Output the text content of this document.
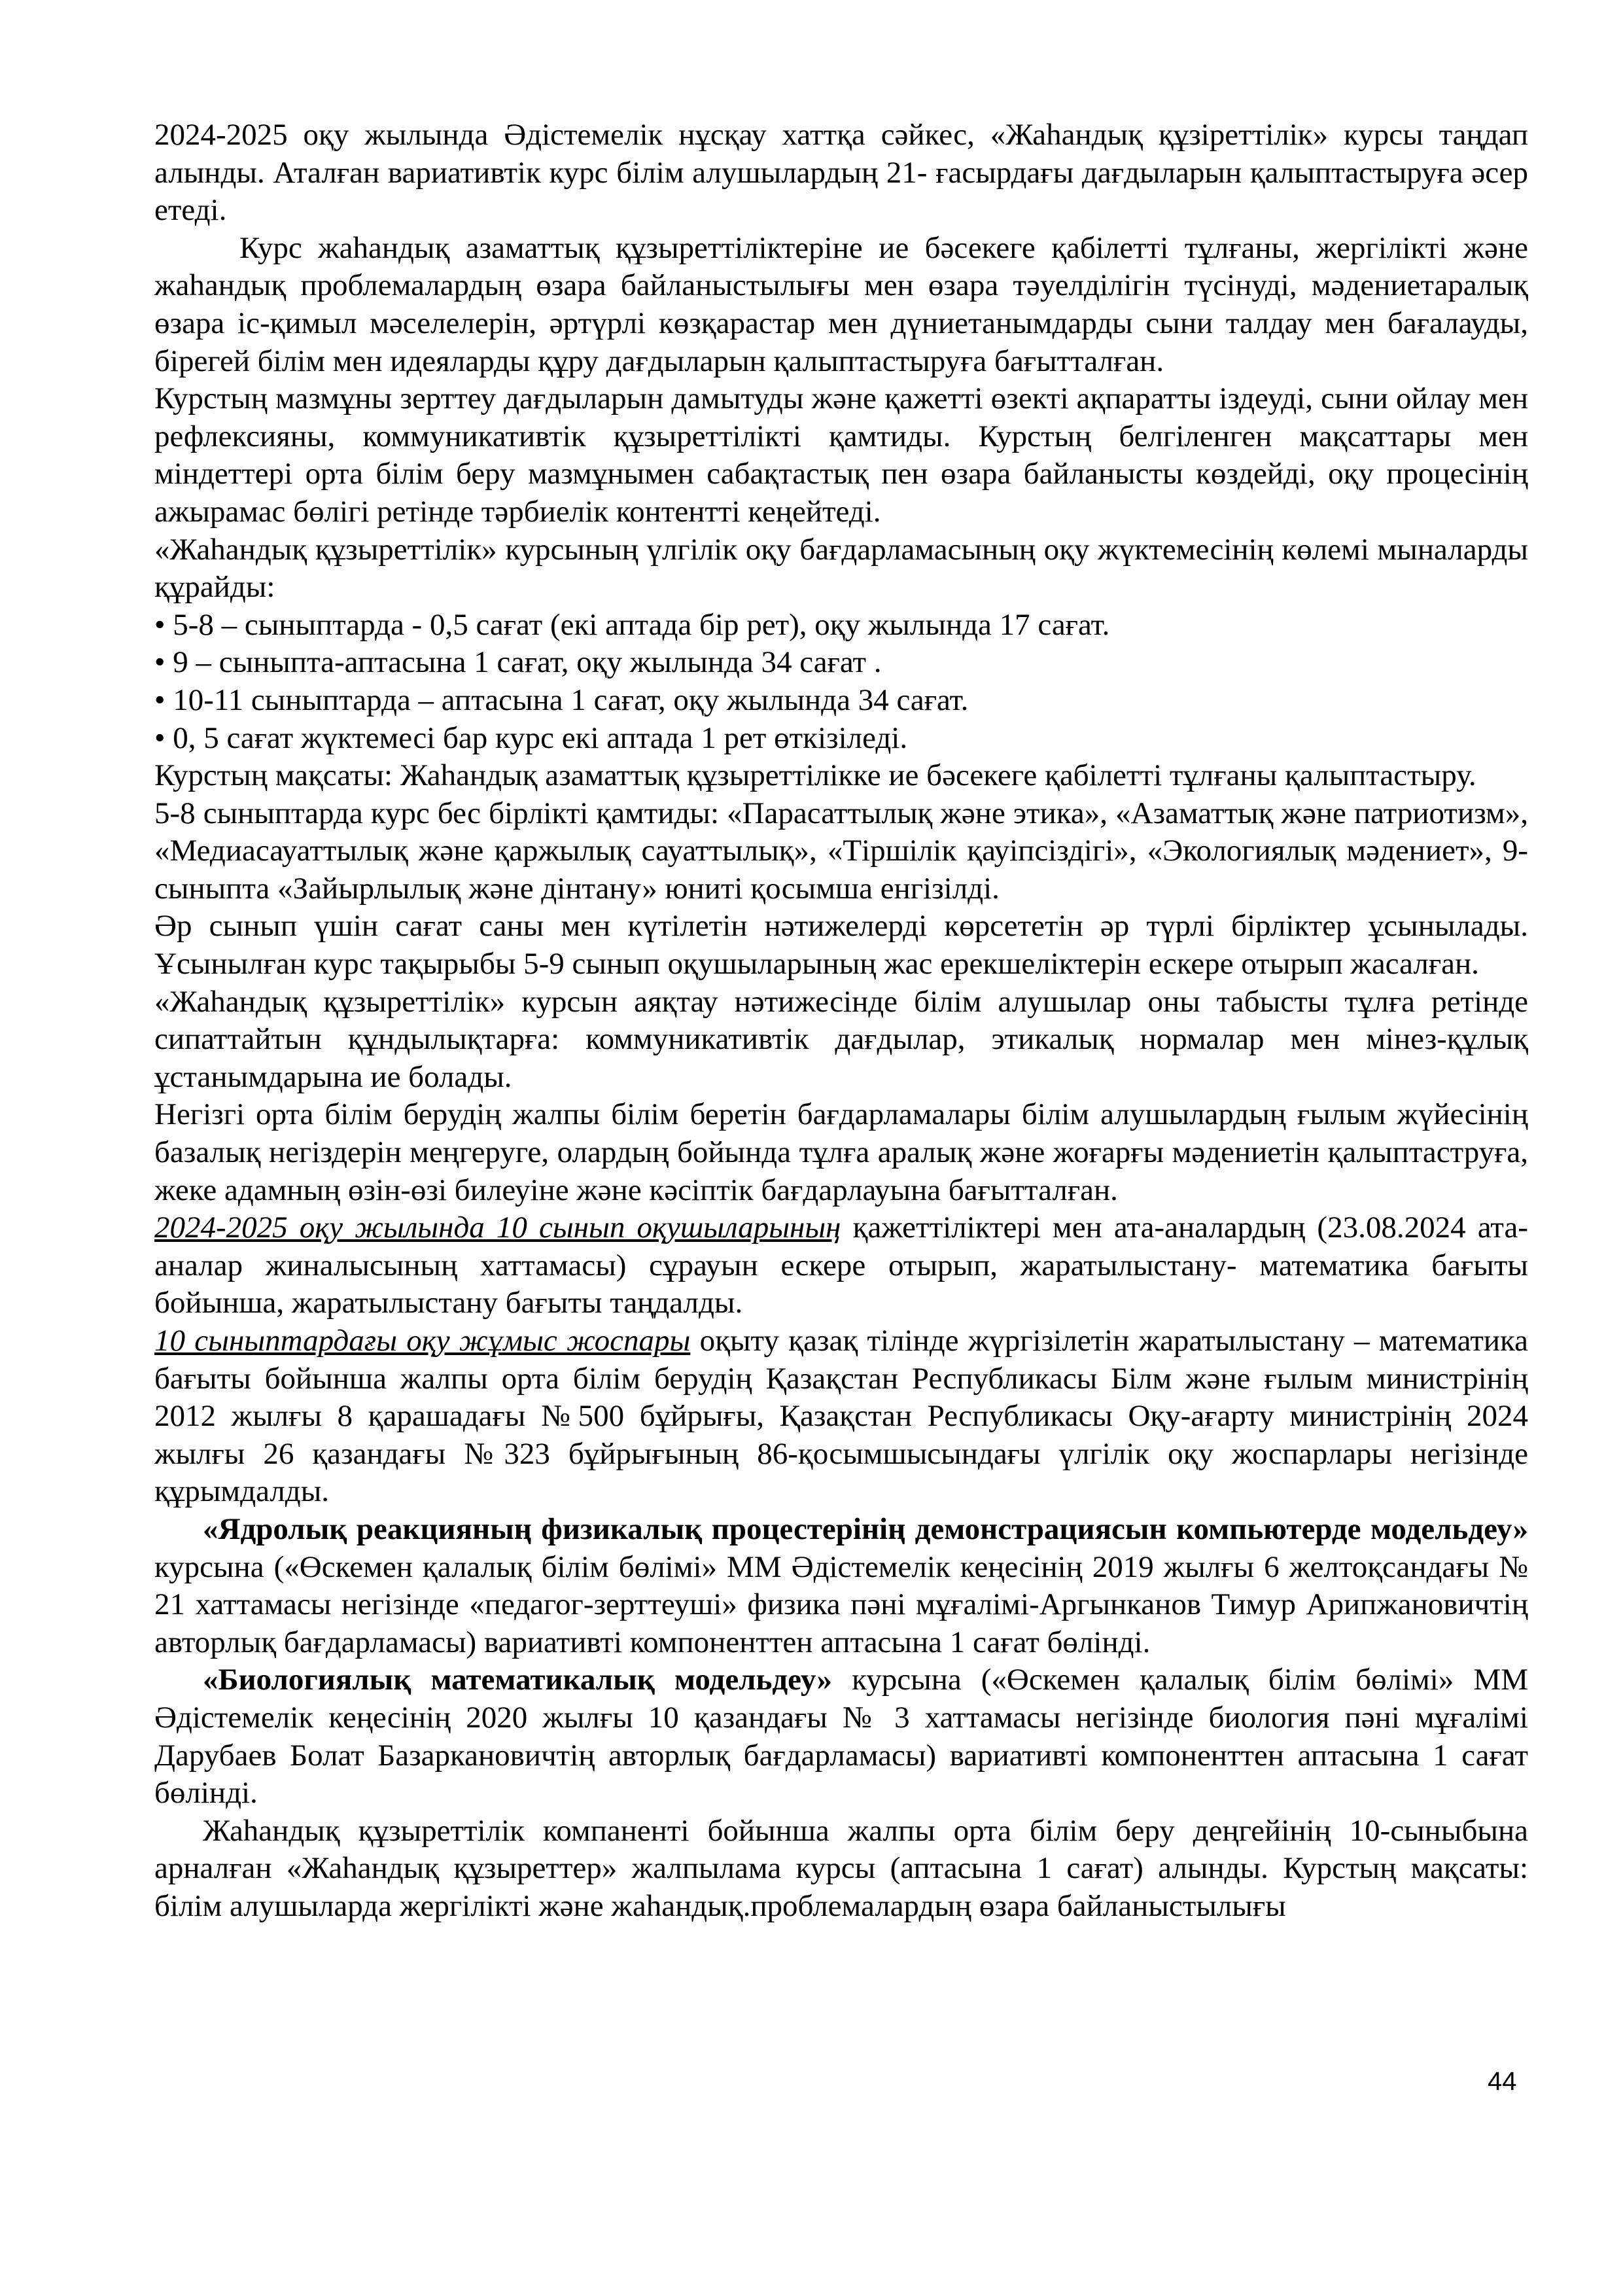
2024-2025 оқу жылында Әдістемелік нұсқау хаттқа сәйкес, «Жаһандық құзіреттілік» курсы таңдап алынды. Аталған вариативтік курс білім алушылардың 21- ғасырдағы дағдыларын қалыптастыруға әсер етеді.

Курс жаһандық азаматтық құзыреттіліктеріне ие бәсекеге қабілетті тұлғаны, жергілікті және жаһандық проблемалардың өзара байланыстылығы мен өзара тәуелділігін түсінуді, мәдениетаралық өзара іс-қимыл мәселелерін, әртүрлі көзқарастар мен дүниетанымдарды сыни талдау мен бағалауды, бірегей білім мен идеяларды құру дағдыларын қалыптастыруға бағытталған.

Курстың мазмұны зерттеу дағдыларын дамытуды және қажетті өзекті ақпаратты іздеуді, сыни ойлау мен рефлексияны, коммуникативтік құзыреттілікті қамтиды. Курстың белгіленген мақсаттары мен міндеттері орта білім беру мазмұнымен сабақтастық пен өзара байланысты көздейді, оқу процесінің ажырамас бөлігі ретінде тәрбиелік контентті кеңейтеді.

«Жаһандық құзыреттілік» курсының үлгілік оқу бағдарламасының оқу жүктемесінің көлемі мыналарды құрайды:

• 5-8 – сыныптарда - 0,5 сағат (екі аптада бір рет), оқу жылында 17 сағат.

• 9 – сыныпта-аптасына 1 сағат, оқу жылында 34 сағат .

• 10-11 сыныптарда – аптасына 1 сағат, оқу жылында 34 сағат.

• 0, 5 сағат жүктемесі бар курс екі аптада 1 рет өткізіледі.

Курстың мақсаты: Жаһандық азаматтық құзыреттілікке ие бәсекеге қабілетті тұлғаны қалыптастыру.

5-8 сыныптарда курс бес бірлікті қамтиды: «Парасаттылық және этика», «Азаматтық және патриотизм», «Медиасауаттылық және қаржылық сауаттылық», «Тіршілік қауіпсіздігі», «Экологиялық мәдениет», 9-сыныпта «Зайырлылық және дінтану» юниті қосымша енгізілді.

Әр сынып үшін сағат саны мен күтілетін нәтижелерді көрсететін әр түрлі бірліктер ұсынылады. Ұсынылған курс тақырыбы 5-9 сынып оқушыларының жас ерекшеліктерін ескере отырып жасалған.

«Жаһандық құзыреттілік» курсын аяқтау нәтижесінде білім алушылар оны табысты тұлға ретінде сипаттайтын құндылықтарға: коммуникативтік дағдылар, этикалық нормалар мен мінез-құлық ұстанымдарына ие болады.

Негізгі орта білім берудің жалпы білім беретін бағдарламалары білім алушылардың ғылым жүйесінің базалық негіздерін меңгеруге, олардың бойында тұлға аралық және жоғарғы мәдениетін қалыптаструға, жеке адамның өзін-өзі билеуіне және кәсіптік бағдарлауына бағытталған.

2024-2025 оқу жылында 10 сынып оқушыларының қажеттіліктері мен ата-аналардың (23.08.2024 ата-аналар жиналысының хаттамасы) сұрауын ескере отырып, жаратылыстану- математика бағыты бойынша, жаратылыстану бағыты таңдалды.

10 сыныптардағы оқу жұмыс жоспары оқыту қазақ тілінде жүргізілетін жаратылыстану – математика бағыты бойынша жалпы орта білім берудің Қазақстан Республикасы Білм және ғылым министрінің 2012 жылғы 8 қарашадағы №500 бұйрығы, Қазақстан Республикасы Оқу-ағарту министрінің 2024 жылғы 26 қазандағы №323 бұйрығының 86-қосымшысындағы үлгілік оқу жоспарлары негізінде құрымдалды.

«Ядролық реакцияның физикалық процестерінің демонстрациясын компьютерде модельдеу» курсына («Өскемен қалалық білім бөлімі» ММ Әдістемелік кеңесінің 2019 жылғы 6 желтоқсандағы № 21 хаттамасы негізінде «педагог-зерттеуші» физика пәні мұғалімі-Аргынканов Тимур Арипжановичтің авторлық бағдарламасы) вариативті компоненттен аптасына 1 сағат бөлінді.

«Биологиялық математикалық модельдеу» курсына («Өскемен қалалық білім бөлімі» ММ Әдістемелік кеңесінің 2020 жылғы 10 қазандағы № 3 хаттамасы негізінде биология пәні мұғалімі Дарубаев Болат Базаркановичтің авторлық бағдарламасы) вариативті компоненттен аптасына 1 сағат бөлінді.

Жаһандық құзыреттілік компаненті бойынша жалпы орта білім беру деңгейінің 10-сыныбына арналған «Жаһандық құзыреттер» жалпылама курсы (аптасына 1 сағат) алынды. Курстың мақсаты: білім алушыларда жергілікті және жаһандық.проблемалардың өзара байланыстылығы

44
